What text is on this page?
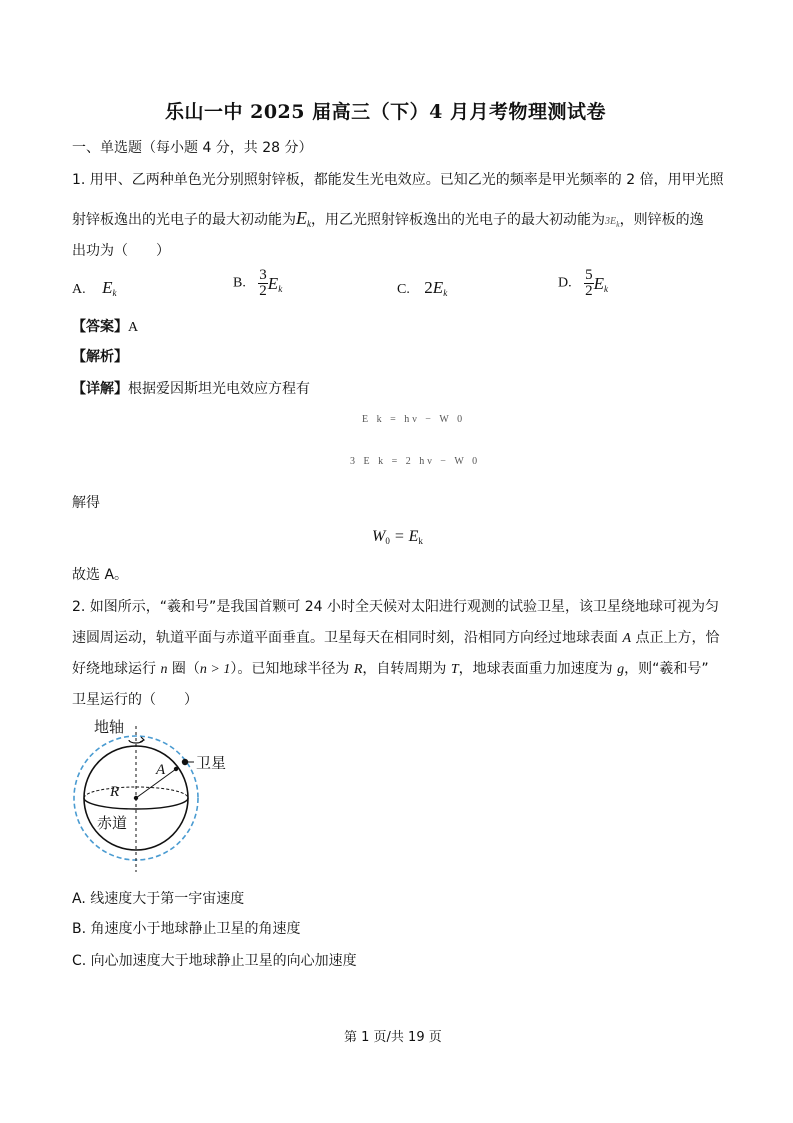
乐山一中 2025 届高三（下）4 月月考物理测试卷
一、单选题（每小题 4 分，共 28 分）
1. 用甲、乙两种单色光分别照射锌板，都能发生光电效应。已知乙光的频率是甲光频率的 2 倍，用甲光照
射锌板逸出的光电子的最大初动能为$E_k$，用乙光照射锌板逸出的光电子的最大初动能为$3E_k$，则锌板的逸
出功为（　　）
A. $E_k$
B. $\frac{3}{2} E_k$	C. $2E_k$
D. $\frac{5}{2} E_k$
【答案】A
【解析】
【详解】根据爱因斯坦光电效应方程有
E k = hν − W 0
3 E k = 2 hν − W 0
解得
$W_0 = E_k$
故选 A。
2. 如图所示，“羲和号”是我国首颗可 24 小时全天候对太阳进行观测的试验卫星，该卫星绕地球可视为匀
速圆周运动，轨道平面与赤道平面垂直。卫星每天在相同时刻，沿相同方向经过地球表面 A 点正上方，恰
好绕地球运行 n 圈（n > 1）。已知地球半径为 R，自转周期为 T，地球表面重力加速度为 g，则“羲和号”
卫星运行的（　　）
地轴
卫星
A
R
赤道
A. 线速度大于第一宇宙速度
B. 角速度小于地球静止卫星的角速度
C. 向心加速度大于地球静止卫星的向心加速度
第 1 页/共 19 页
